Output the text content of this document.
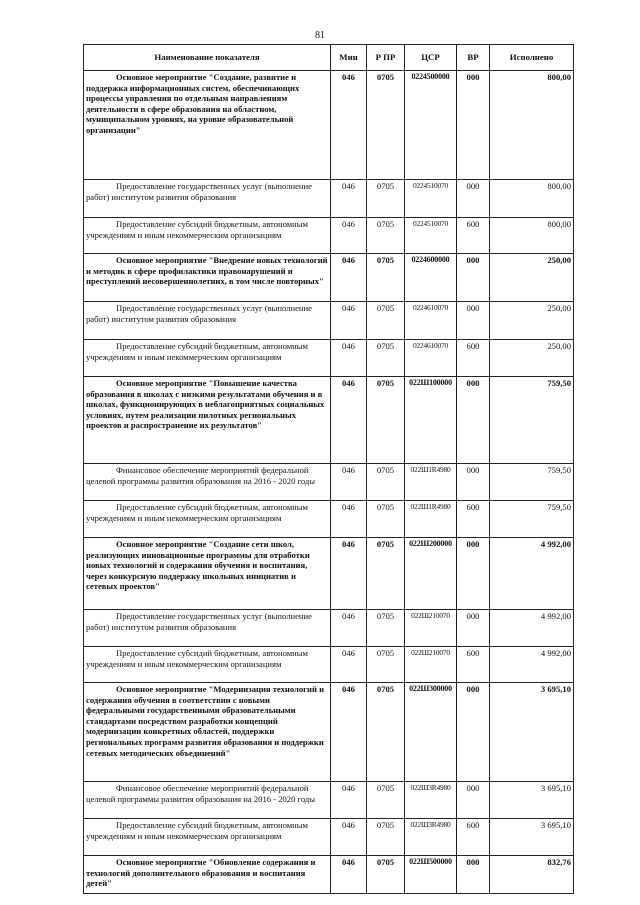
81
Наименование показателя	Мин	Р ПР	ЦСР	ВР	Исполнено

Основное мероприятие "Создание, развитие и поддержка информационных систем, обеспечивающих процессы управления по отдельным направлениям деятельности в сфере образования на областном, муниципальном уровнях, на уровне образовательной организации"	046	0705	0224500000	000	800,00

Предоставление государственных услуг (выполнение работ) институтом развития образования	046	0705	0224510070	000	800,00

Предоставление субсидий бюджетным, автономным учреждениям и иным некоммерческим организациям	046	0705	0224510070	600	800,00

Основное мероприятие "Внедрение новых технологий и методик в сфере профилактики правонарушений и преступлений несовершеннолетних, в том числе повторных"	046	0705	0224600000	000	250,00

Предоставление государственных услуг (выполнение работ) институтом развития образования	046	0705	0224610070	000	250,00

Предоставление субсидий бюджетным, автономным учреждениям и иным некоммерческим организациям	046	0705	0224610070	600	250,00

Основное мероприятие "Повышение качества образования в школах с низкими результатами обучения и в школах, функционирующих в неблагоприятных социальных условиях, путем реализации пилотных региональных проектов и распространение их результатов"	046	0705	022Ш100000	000	759,50

Финансовое обеспечение мероприятий федеральной целевой программы развития образования на 2016 - 2020 годы	046	0705	022Ш1R4980	000	759,50

Предоставление субсидий бюджетным, автономным учреждениям и иным некоммерческим организациям	046	0705	022Ш1R4980	600	759,50

Основное мероприятие "Создание сети школ, реализующих инновационные программы для отработки новых технологий и содержания обучения и воспитания, через конкурсную поддержку школьных инициатив и сетевых проектов"	046	0705	022Ш200000	000	4 992,00

Предоставление государственных услуг (выполнение работ) институтом развития образования	046	0705	022Ш210070	000	4 992,00

Предоставление субсидий бюджетным, автономным учреждениям и иным некоммерческим организациям	046	0705	022Ш210070	600	4 992,00

Основное мероприятие "Модернизация технологий и содержания обучения в соответствии с новыми федеральными государственными образовательными стандартами посредством разработки концепций модернизации конкретных областей, поддержки региональных программ развития образования и поддержки сетевых методических объединений"	046	0705	022Ш300000	000	3 695,10

Финансовое обеспечение мероприятий федеральной целевой программы развития образования на 2016 - 2020 годы	046	0705	022Ш3R4980	000	3 695,10

Предоставление субсидий бюджетным, автономным учреждениям и иным некоммерческим организациям	046	0705	022Ш3R4980	600	3 695,10

Основное мероприятие "Обновление содержания и технологий дополнительного образования и воспитания детей"	046	0705	022Ш500000	000	832,76
